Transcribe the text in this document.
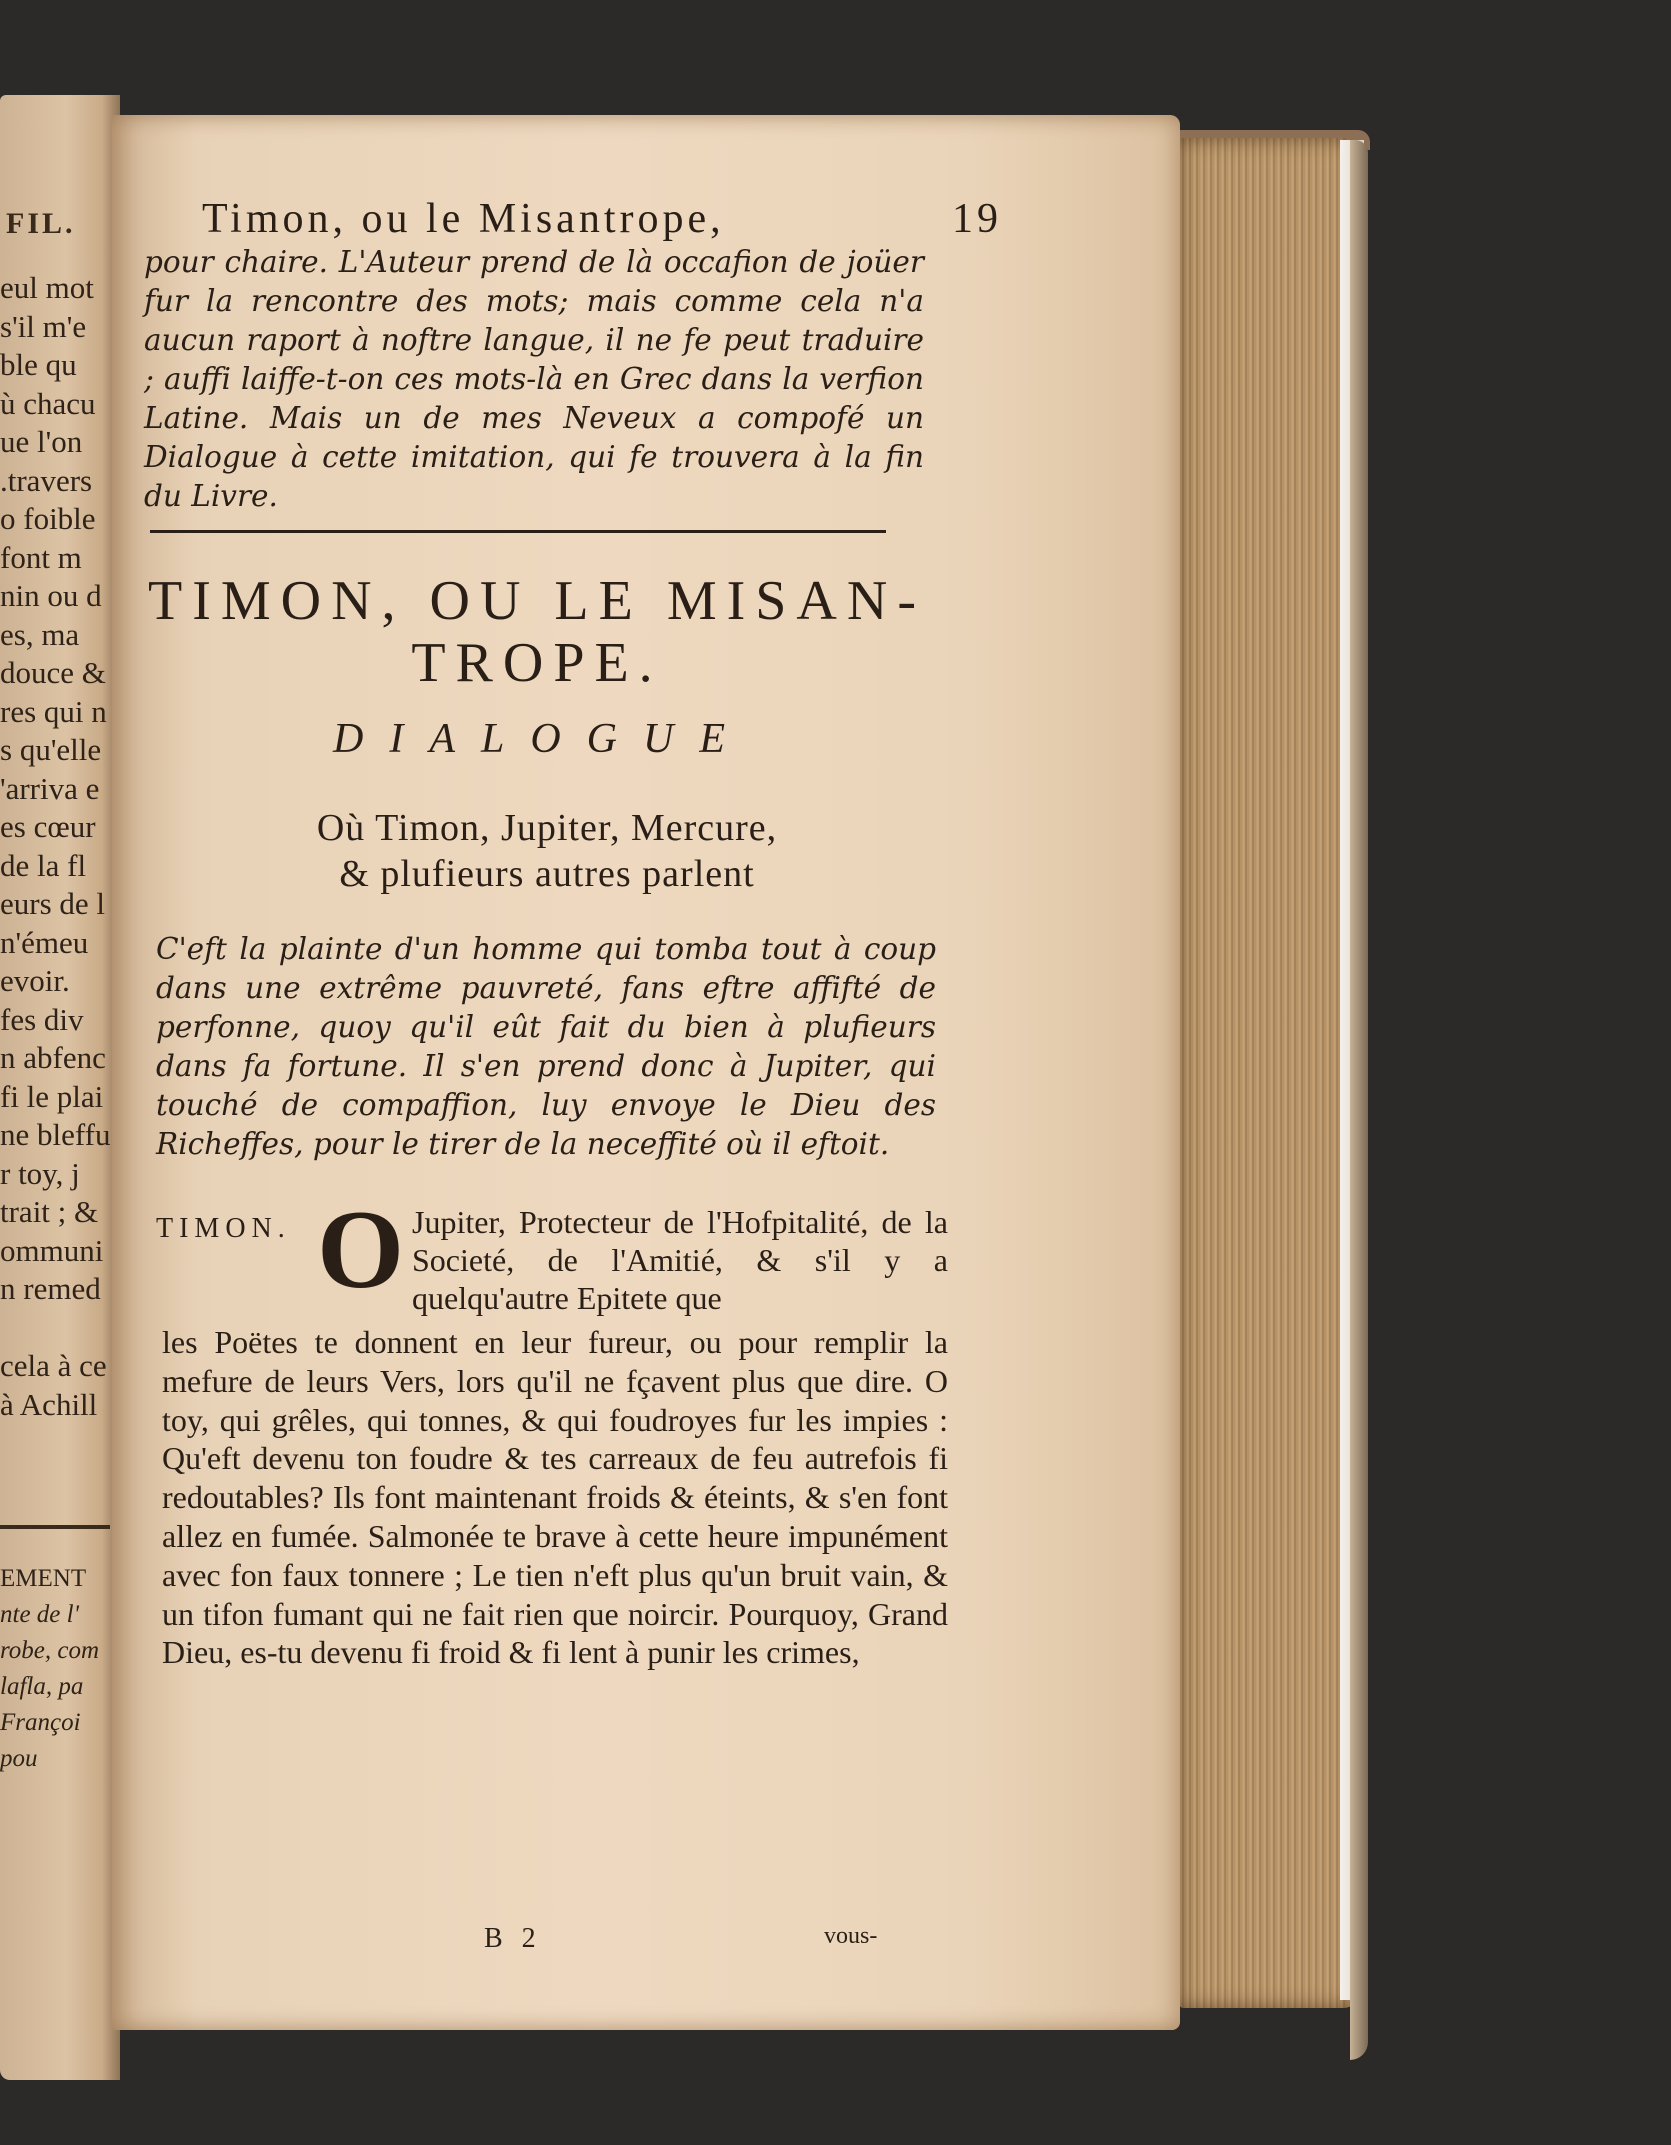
FIL.
eul mot
s'il m'e
ble qu
ù chacu
ue l'on
.travers
o foible
font m
nin ou d
es, ma
douce &
res qui n
s qu'elle
'arriva e
es cœur
de la fl
eurs de l
n'émeu
evoir.
fes div
n abfenc
fi le plai
ne bleffu
r toy, j
trait ; &
ommuni
n remed
cela à ce
à Achill
EMENT
nte de l'
robe, com
lafla, pa
Françoi
pou
Timon, ou le Misantrope,	19
pour chaire. L'Auteur prend de là occafion de joüer fur la rencontre des mots; mais comme cela n'a aucun raport à noftre langue, il ne fe peut traduire ; auffi laiffe-t-on ces mots-là en Grec dans la verfion Latine. Mais un de mes Neveux a compofé un Dialogue à cette imitation, qui fe trouvera à la fin du Livre.
TIMON, OU LE MISAN-
TROPE.
DIALOGUE
Où Timon, Jupiter, Mercure,
& plufieurs autres parlent
C'eft la plainte d'un homme qui tomba tout à coup dans une extrême pauvreté, fans eftre affifté de perfonne, quoy qu'il eût fait du bien à plufieurs dans fa fortune. Il s'en prend donc à Jupiter, qui touché de compaffion, luy envoye le Dieu des Richeffes, pour le tirer de la neceffité où il eftoit.
TIMON. O Jupiter, Protecteur de l'Hofpitalité, de la Societé, de l'Amitié, & s'il y a quelqu'autre Epitete que
les Poëtes te donnent en leur fureur, ou pour remplir la mefure de leurs Vers, lors qu'il ne fçavent plus que dire. O toy, qui grêles, qui tonnes, & qui foudroyes fur les impies : Qu'eft devenu ton foudre & tes carreaux de feu autrefois fi redoutables? Ils font maintenant froids & éteints, & s'en font allez en fumée. Salmonée te brave à cette heure impunément avec fon faux tonnere ; Le tien n'eft plus qu'un bruit vain, & un tifon fumant qui ne fait rien que noircir. Pourquoy, Grand Dieu, es-tu devenu fi froid & fi lent à punir les crimes,
B 2	vous-
